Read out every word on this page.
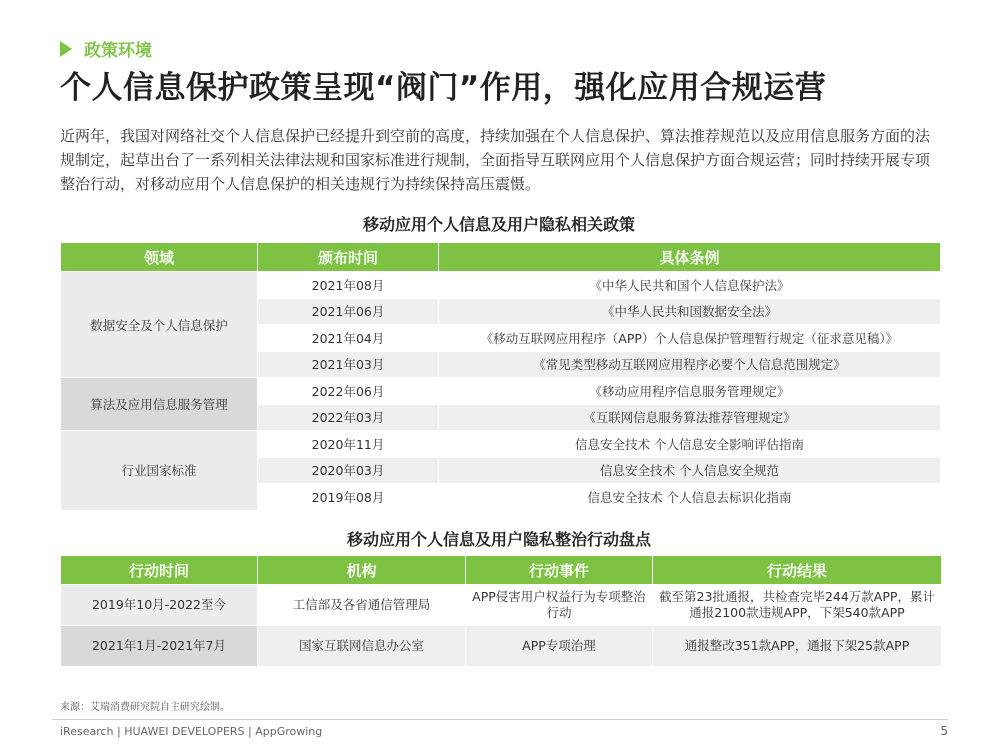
政策环境
个人信息保护政策呈现“阀门”作用，强化应用合规运营
近两年，我国对网络社交个人信息保护已经提升到空前的高度，持续加强在个人信息保护、算法推荐规范以及应用信息服务方面的法规制定，起草出台了一系列相关法律法规和国家标准进行规制，全面指导互联网应用个人信息保护方面合规运营；同时持续开展专项整治行动，对移动应用个人信息保护的相关违规行为持续保持高压震慑。
移动应用个人信息及用户隐私相关政策
领域	颁布时间	具体条例
数据安全及个人信息保护	2021年08月	《中华人民共和国个人信息保护法》
	2021年06月	《中华人民共和国数据安全法》
	2021年04月	《移动互联网应用程序（APP）个人信息保护管理暂行规定（征求意见稿）》
	2021年03月	《常见类型移动互联网应用程序必要个人信息范围规定》
算法及应用信息服务管理	2022年06月	《移动应用程序信息服务管理规定》
	2022年03月	《互联网信息服务算法推荐管理规定》
行业国家标准	2020年11月	信息安全技术 个人信息安全影响评估指南
	2020年03月	信息安全技术 个人信息安全规范
	2019年08月	信息安全技术 个人信息去标识化指南
移动应用个人信息及用户隐私整治行动盘点
行动时间	机构	行动事件	行动结果
2019年10月-2022至今	工信部及各省通信管理局	APP侵害用户权益行为专项整治行动	截至第23批通报，共检查完毕244万款APP，累计通报2100款违规APP，下架540款APP
2021年1月-2021年7月	国家互联网信息办公室	APP专项治理	通报整改351款APP，通报下架25款APP
来源：艾瑞消费研究院自主研究绘制。
iResearch | HUAWEI DEVELOPERS | AppGrowing	5
